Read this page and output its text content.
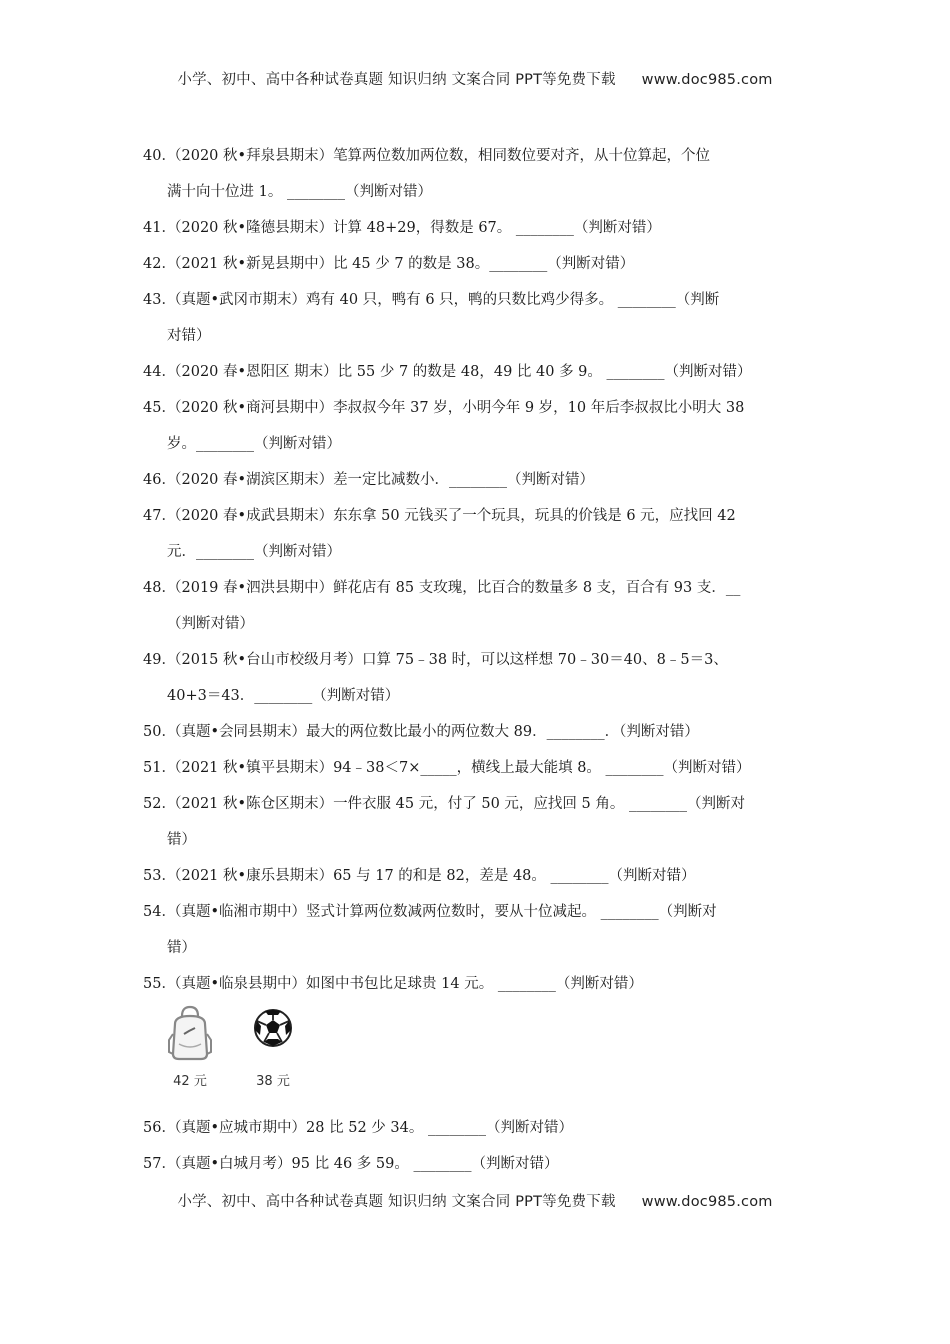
小学、初中、高中各种试卷真题 知识归纳 文案合同 PPT等免费下载 www.doc985.com
40．
（2020 秋•拜泉县期末）笔算两位数加两位数，相同数位要对齐，从十位算起，个位
满十向十位进 1。 ________（判断对错）
41．
（2020 秋•隆德县期末）计算 48+29，得数是 67。 ________（判断对错）
42．
（2021 秋•新晃县期中）比 45 少 7 的数是 38。________（判断对错）
43．
（真题•武冈市期末）鸡有 40 只，鸭有 6 只，鸭的只数比鸡少得多。 ________（判断
对错）
44．
（2020 春•恩阳区 期末）比 55 少 7 的数是 48，49 比 40 多 9。 ________（判断对错）
45．
（2020 秋•商河县期中）李叔叔今年 37 岁，小明今年 9 岁，10 年后李叔叔比小明大 38
岁。________（判断对错）
46．
（2020 春•湖滨区期末）差一定比减数小．________（判断对错）
47．
（2020 春•成武县期末）东东拿 50 元钱买了一个玩具，玩具的价钱是 6 元，应找回 42
元．________（判断对错）
48．
（2019 春•泗洪县期中）鲜花店有 85 支玫瑰，比百合的数量多 8 支，百合有 93 支．__
（判断对错）
49．
（2015 秋•台山市校级月考）口算 75﹣38 时，可以这样想 70﹣30＝40、8﹣5＝3、
40+3＝43．________（判断对错）
50．
（真题•会同县期末）最大的两位数比最小的两位数大 89．________．（判断对错）
51．
（2021 秋•镇平县期末）94﹣38＜7×_____，横线上最大能填 8。 ________（判断对错）
52．
（2021 秋•陈仓区期末）一件衣服 45 元，付了 50 元，应找回 5 角。 ________（判断对
错）
53．
（2021 秋•康乐县期末）65 与 17 的和是 82，差是 48。 ________（判断对错）
54．
（真题•临湘市期中）竖式计算两位数减两位数时，要从十位减起。 ________（判断对
错）
55．
（真题•临泉县期中）如图中书包比足球贵 14 元。 ________（判断对错）
42 元	38 元
56．
（真题•应城市期中）28 比 52 少 34。 ________（判断对错）
57．
（真题•白城月考）95 比 46 多 59。 ________（判断对错）
小学、初中、高中各种试卷真题 知识归纳 文案合同 PPT等免费下载 www.doc985.com
